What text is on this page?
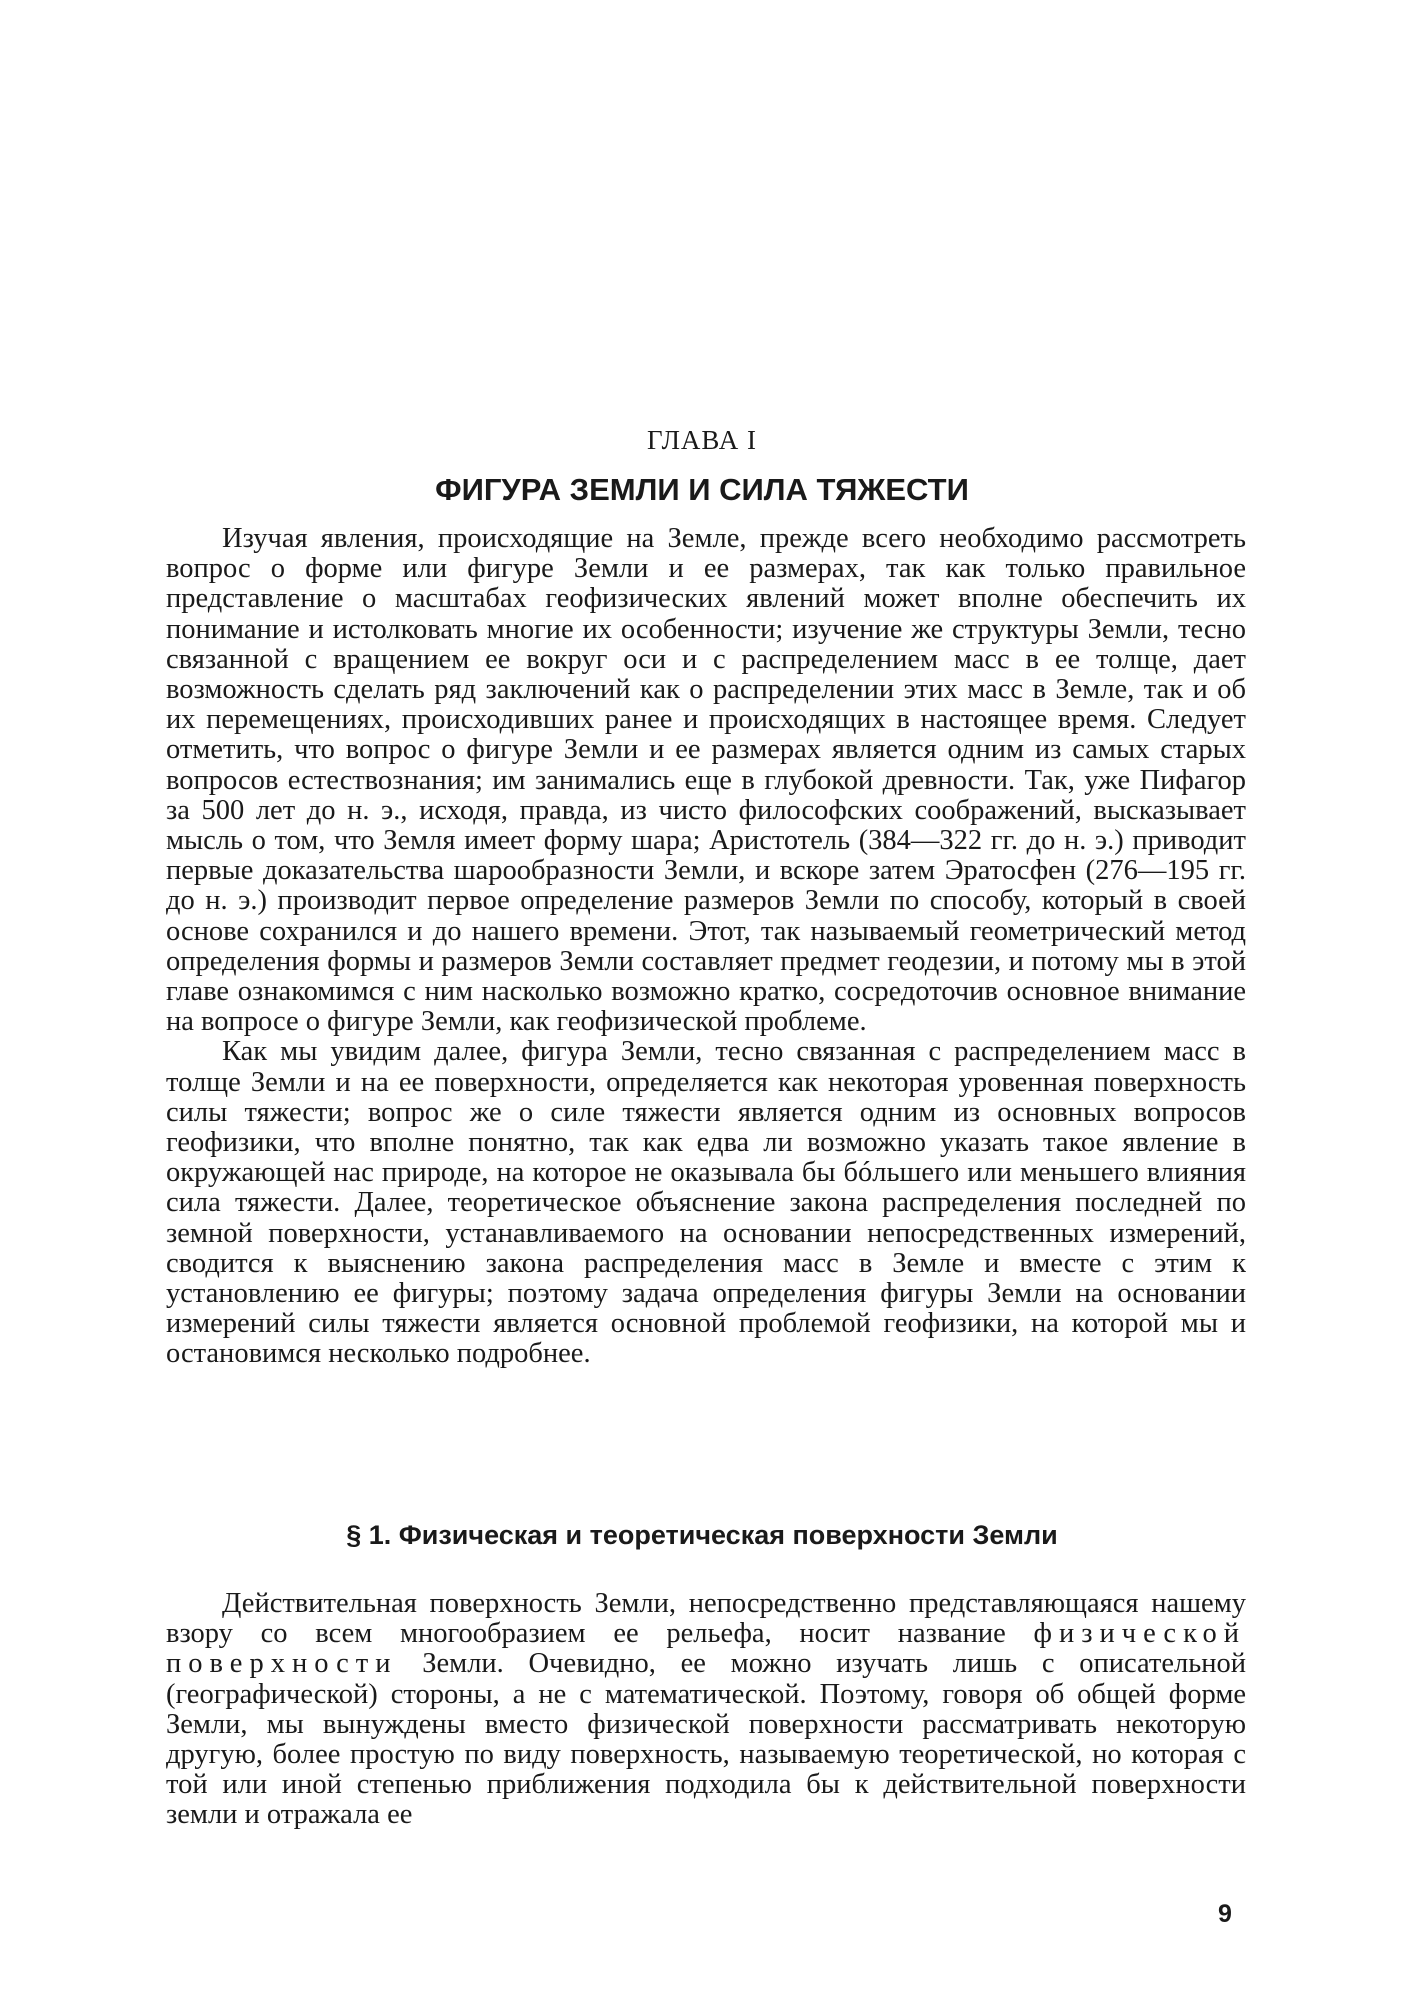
ГЛАВА I
ФИГУРА ЗЕМЛИ И СИЛА ТЯЖЕСТИ

Изучая явления, происходящие на Земле, прежде всего необходимо рассмотреть вопрос о форме или фигуре Земли и ее размерах, так как только правильное представление о масштабах геофизических явлений может вполне обеспечить их понимание и истолковать многие их особенности; изучение же структуры Земли, тесно связанной с вращением ее вокруг оси и с распределением масс в ее толще, дает возможность сделать ряд заключений как о распределении этих масс в Земле, так и об их перемещениях, происходивших ранее и происходящих в настоящее время. Следует отметить, что вопрос о фигуре Земли и ее размерах является одним из самых старых вопросов естествознания; им занимались еще в глубокой древности. Так, уже Пифагор за 500 лет до н. э., исходя, правда, из чисто философских соображений, высказывает мысль о том, что Земля имеет форму шара; Аристотель (384—322 гг. до н. э.) приводит первые доказательства шарообразности Земли, и вскоре затем Эратосфен (276—195 гг. до н. э.) производит первое определение размеров Земли по способу, который в своей основе сохранился и до нашего времени. Этот, так называемый геометрический метод определения формы и размеров Земли составляет предмет геодезии, и потому мы в этой главе ознакомимся с ним насколько возможно кратко, сосредоточив основное внимание на вопросе о фигуре Земли, как геофизической проблеме.

Как мы увидим далее, фигура Земли, тесно связанная с распределением масс в толще Земли и на ее поверхности, определяется как некоторая уровенная поверхность силы тяжести; вопрос же о силе тяжести является одним из основных вопросов геофизики, что вполне понятно, так как едва ли возможно указать такое явление в окружающей нас природе, на которое не оказывала бы бóльшего или меньшего влияния сила тяжести. Далее, теоретическое объяснение закона распределения последней по земной поверхности, устанавливаемого на основании непосредственных измерений, сводится к выяснению закона распределения масс в Земле и вместе с этим к установлению ее фигуры; поэтому задача определения фигуры Земли на основании измерений силы тяжести является основной проблемой геофизики, на которой мы и остановимся несколько подробнее.

§ 1. Физическая и теоретическая поверхности Земли

Действительная поверхность Земли, непосредственно представляющаяся нашему взору со всем многообразием ее рельефа, носит название физической поверхности Земли. Очевидно, ее можно изучать лишь с описательной (географической) стороны, а не с математической. Поэтому, говоря об общей форме Земли, мы вынуждены вместо физической поверхности рассматривать некоторую другую, более простую по виду поверхность, называемую теоретической, но которая с той или иной степенью приближения подходила бы к действительной поверхности земли и отражала ее

9
